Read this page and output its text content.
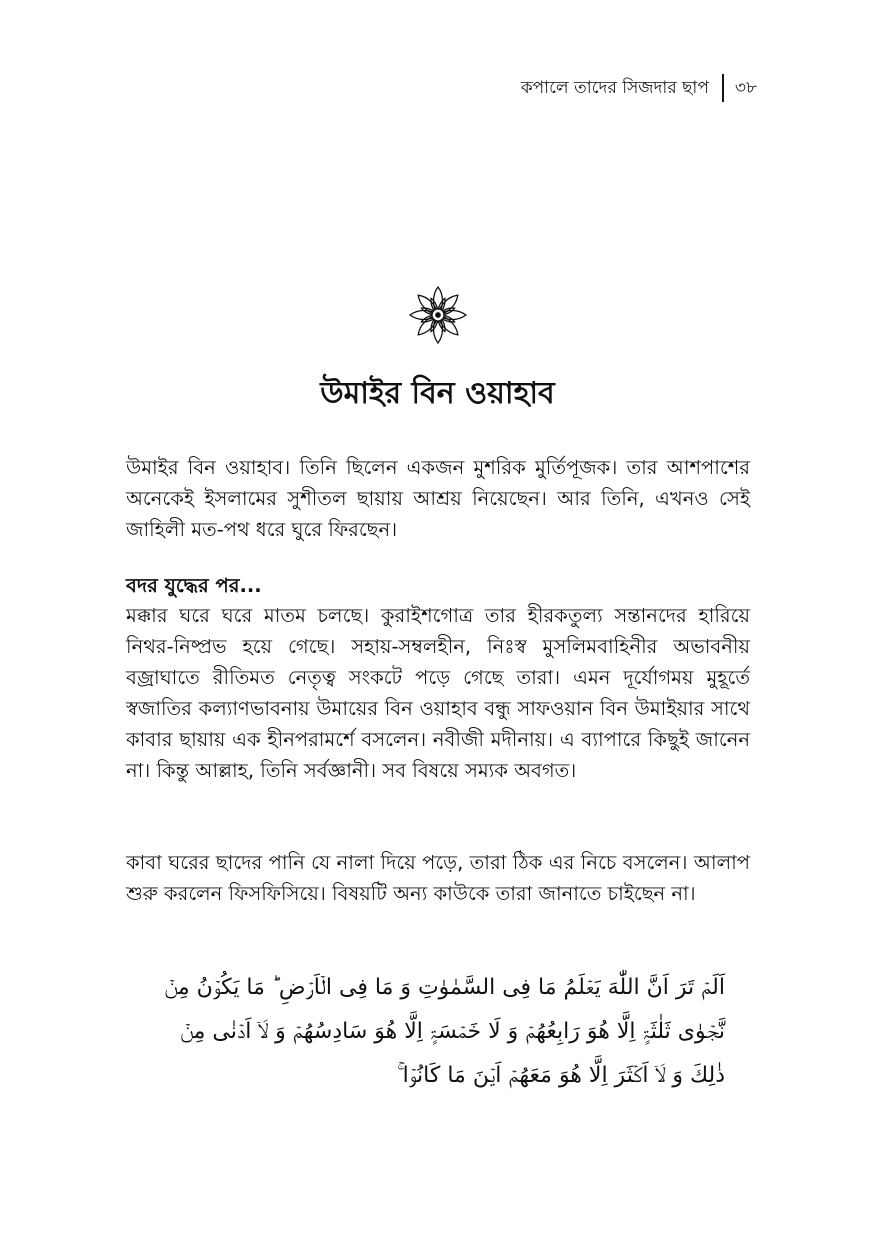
কপালে তাদের সিজদার ছাপ ৩৮
উমাইর বিন ওয়াহাব

উমাইর বিন ওয়াহাব। তিনি ছিলেন একজন মুশরিক মুর্তিপূজক। তার আশপাশের অনেকেই ইসলামের সুশীতল ছায়ায় আশ্রয় নিয়েছেন। আর তিনি, এখনও সেই জাহিলী মত-পথ ধরে ঘুরে ফিরছেন।

বদর যুদ্ধের পর...

মক্কার ঘরে ঘরে মাতম চলছে। কুরাইশগোত্র তার হীরকতুল্য সন্তানদের হারিয়ে নিথর-নিষ্প্রভ হয়ে গেছে। সহায়-সম্বলহীন, নিঃস্ব মুসলিমবাহিনীর অভাবনীয় বজ্রাঘাতে রীতিমত নেতৃত্ব সংকটে পড়ে গেছে তারা। এমন দূর্যোগময় মুহূর্তে স্বজাতির কল্যাণভাবনায় উমায়ের বিন ওয়াহাব বন্ধু সাফওয়ান বিন উমাইয়ার সাথে কাবার ছায়ায় এক হীনপরামর্শে বসলেন। নবীজী মদীনায়। এ ব্যাপারে কিছুই জানেন না। কিন্তু আল্লাহ, তিনি সর্বজ্ঞানী। সব বিষয়ে সম্যক অবগত।

কাবা ঘরের ছাদের পানি যে নালা দিয়ে পড়ে, তারা ঠিক এর নিচে বসলেন। আলাপ শুরু করলেন ফিসফিসিয়ে। বিষয়টি অন্য কাউকে তারা জানাতে চাইছেন না।

اَلَمۡ تَرَ اَنَّ اللّٰهَ یَعۡلَمُ مَا فِی السَّمٰوٰتِ وَ مَا فِی الۡاَرۡضِ ؕ مَا یَكُوۡنُ مِنۡ نَّجۡوٰی ثَلٰثَۃٍ اِلَّا هُوَ رَابِعُهُمۡ وَ لَا خَمۡسَۃٍ اِلَّا هُوَ سَادِسُهُمۡ وَ لَاۤ اَدۡنٰی مِنۡ ذٰلِكَ وَ لَاۤ اَكۡثَرَ اِلَّا هُوَ مَعَهُمۡ اَیۡنَ مَا كَانُوۡا ۚ
